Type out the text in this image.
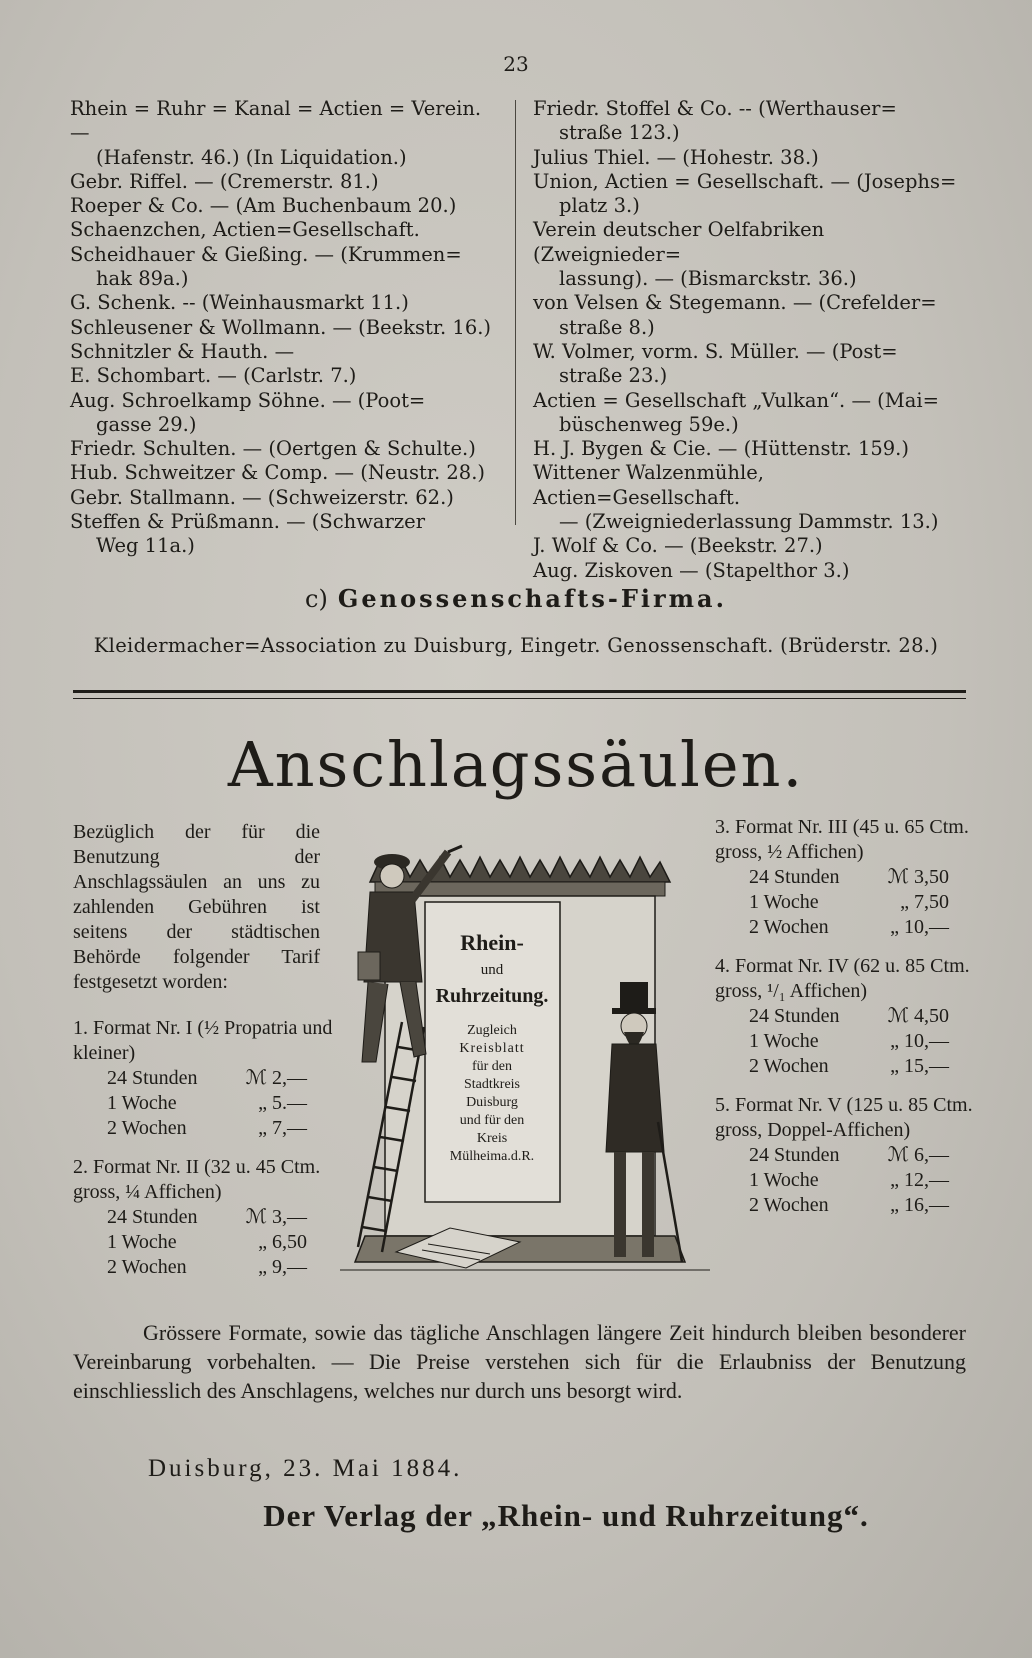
23
Rhein = Ruhr = Kanal = Actien = Verein. —
(Hafenstr. 46.) (In Liquidation.)
Gebr. Riffel. — (Cremerstr. 81.)
Roeper & Co. — (Am Buchenbaum 20.)
Schaenzchen, Actien=Gesellschaft.
Scheidhauer & Gießing. — (Krummen=
hak 89a.)
G. Schenk. -- (Weinhausmarkt 11.)
Schleusener & Wollmann. — (Beekstr. 16.)
Schnitzler & Hauth. —
E. Schombart. — (Carlstr. 7.)
Aug. Schroelkamp Söhne. — (Poot=
gasse 29.)
Friedr. Schulten. — (Oertgen & Schulte.)
Hub. Schweitzer & Comp. — (Neustr. 28.)
Gebr. Stallmann. — (Schweizerstr. 62.)
Steffen & Prüßmann. — (Schwarzer
Weg 11a.)
Friedr. Stoffel & Co. -- (Werthauser=
straße 123.)
Julius Thiel. — (Hohestr. 38.)
Union, Actien = Gesellschaft. — (Josephs=
platz 3.)
Verein deutscher Oelfabriken (Zweignieder=
lassung). — (Bismarckstr. 36.)
von Velsen & Stegemann. — (Crefelder=
straße 8.)
W. Volmer, vorm. S. Müller. — (Post=
straße 23.)
Actien = Gesellschaft „Vulkan“. — (Mai=
büschenweg 59e.)
H. J. Bygen & Cie. — (Hüttenstr. 159.)
Wittener Walzenmühle, Actien=Gesellschaft.
— (Zweigniederlassung Dammstr. 13.)
J. Wolf & Co. — (Beekstr. 27.)
Aug. Ziskoven — (Stapelthor 3.)
c) Genossenschafts-Firma.
Kleidermacher=Association zu Duisburg, Eingetr. Genossenschaft. (Brüderstr. 28.)
Anschlagssäulen.
Bezüglich der für die Benutzung der Anschlagssäulen an uns zu zahlenden Gebühren ist seitens der städtischen Behörde folgender Tarif festgesetzt worden:
1. Format Nr. I (½ Propatria und kleiner)
24 Stunden	ℳ 2,—
1 Woche	„ 5.—
2 Wochen	„ 7,—
2. Format Nr. II (32 u. 45 Ctm. gross, ¼ Affichen)
24 Stunden	ℳ 3,—
1 Woche	„ 6,50
2 Wochen	„ 9,—
3. Format Nr. III (45 u. 65 Ctm. gross, ½ Affichen)
24 Stunden	ℳ 3,50
1 Woche	„ 7,50
2 Wochen	„ 10,—
4. Format Nr. IV (62 u. 85 Ctm. gross, ¹/₁ Affichen)
24 Stunden	ℳ 4,50
1 Woche	„ 10,—
2 Wochen	„ 15,—
5. Format Nr. V (125 u. 85 Ctm. gross, Doppel-Affichen)
24 Stunden	ℳ 6,—
1 Woche	„ 12,—
2 Wochen	„ 16,—
Rhein-
und
Ruhrzeitung.
Zugleich
Kreisblatt
für den
Stadtkreis
Duisburg
und für den
Kreis
Mülheima.d.R.
Grössere Formate, sowie das tägliche Anschlagen längere Zeit hindurch bleiben besonderer Vereinbarung vorbehalten. — Die Preise verstehen sich für die Erlaubniss der Benutzung einschliesslich des Anschlagens, welches nur durch uns besorgt wird.
Duisburg, 23. Mai 1884.
Der Verlag der „Rhein- und Ruhrzeitung“.
